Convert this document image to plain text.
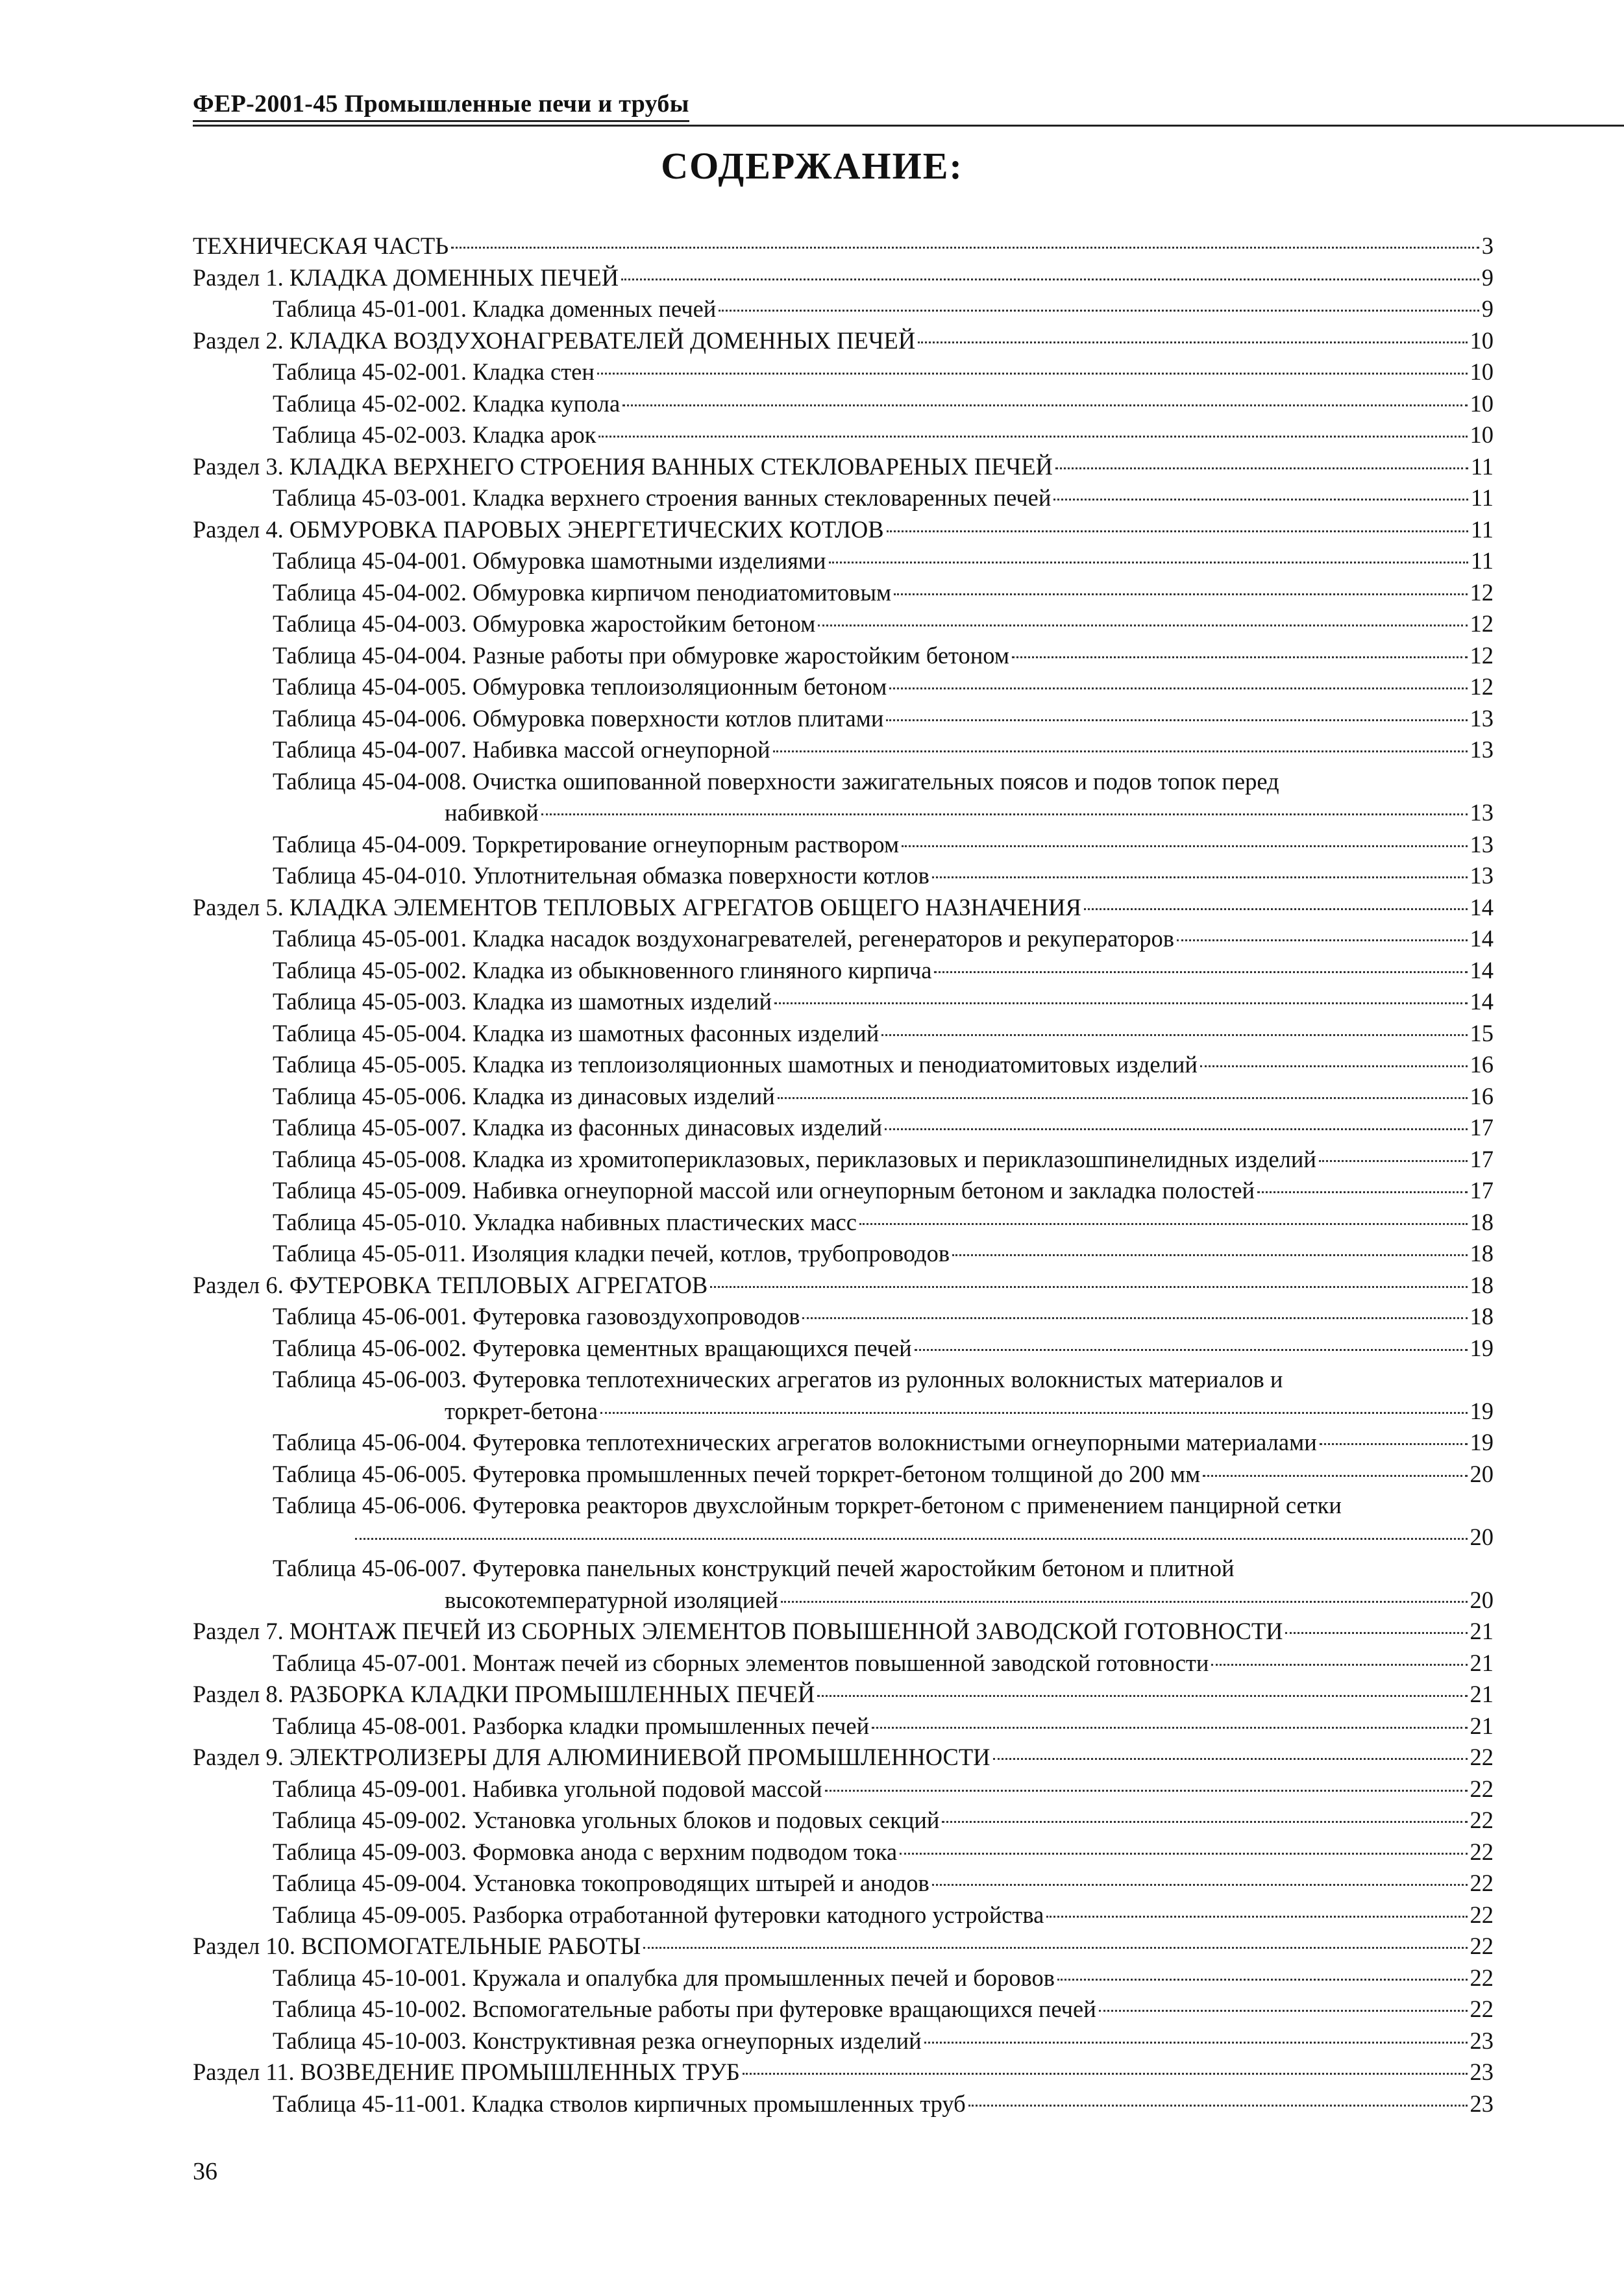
ФЕР-2001-45 Промышленные печи и трубы
СОДЕРЖАНИЕ:
ТЕХНИЧЕСКАЯ ЧАСТЬ	3
Раздел 1. КЛАДКА ДОМЕННЫХ ПЕЧЕЙ	9
Таблица 45-01-001. Кладка доменных печей	9
Раздел 2. КЛАДКА ВОЗДУХОНАГРЕВАТЕЛЕЙ ДОМЕННЫХ ПЕЧЕЙ	10
Таблица 45-02-001. Кладка стен	10
Таблица 45-02-002. Кладка купола	10
Таблица 45-02-003. Кладка арок	10
Раздел 3. КЛАДКА ВЕРХНЕГО СТРОЕНИЯ ВАННЫХ СТЕКЛОВАРЕНЫХ ПЕЧЕЙ	11
Таблица 45-03-001. Кладка верхнего строения ванных стекловаренных печей	11
Раздел 4. ОБМУРОВКА ПАРОВЫХ ЭНЕРГЕТИЧЕСКИХ КОТЛОВ	11
Таблица 45-04-001. Обмуровка шамотными изделиями	11
Таблица 45-04-002. Обмуровка кирпичом пенодиатомитовым	12
Таблица 45-04-003. Обмуровка жаростойким бетоном	12
Таблица 45-04-004. Разные работы при обмуровке жаростойким бетоном	12
Таблица 45-04-005. Обмуровка теплоизоляционным бетоном	12
Таблица 45-04-006. Обмуровка поверхности котлов плитами	13
Таблица 45-04-007. Набивка массой огнеупорной	13
Таблица 45-04-008. Очистка ошипованной поверхности зажигательных поясов и подов топок перед
набивкой	13
Таблица 45-04-009. Торкретирование огнеупорным раствором	13
Таблица 45-04-010. Уплотнительная обмазка поверхности котлов	13
Раздел 5. КЛАДКА ЭЛЕМЕНТОВ ТЕПЛОВЫХ АГРЕГАТОВ ОБЩЕГО НАЗНАЧЕНИЯ	14
Таблица 45-05-001. Кладка насадок воздухонагревателей, регенераторов и рекуператоров	14
Таблица 45-05-002. Кладка из обыкновенного глиняного кирпича	14
Таблица 45-05-003. Кладка из шамотных изделий	14
Таблица 45-05-004. Кладка из шамотных фасонных изделий	15
Таблица 45-05-005. Кладка из теплоизоляционных шамотных и пенодиатомитовых изделий	16
Таблица 45-05-006. Кладка из динасовых изделий	16
Таблица 45-05-007. Кладка из фасонных динасовых изделий	17
Таблица 45-05-008. Кладка из хромитопериклазовых, периклазовых и периклазошпинелидных изделий	17
Таблица 45-05-009. Набивка огнеупорной массой или огнеупорным бетоном и закладка полостей	17
Таблица 45-05-010. Укладка набивных пластических масс	18
Таблица 45-05-011. Изоляция кладки печей, котлов, трубопроводов	18
Раздел 6. ФУТЕРОВКА ТЕПЛОВЫХ АГРЕГАТОВ	18
Таблица 45-06-001. Футеровка газовоздухопроводов	18
Таблица 45-06-002. Футеровка цементных вращающихся печей	19
Таблица 45-06-003. Футеровка теплотехнических агрегатов из рулонных волокнистых материалов и
торкрет-бетона	19
Таблица 45-06-004. Футеровка теплотехнических агрегатов волокнистыми огнеупорными материалами	19
Таблица 45-06-005. Футеровка промышленных печей торкрет-бетоном толщиной до 200 мм	20
Таблица 45-06-006. Футеровка реакторов двухслойным торкрет-бетоном с применением панцирной сетки
20
Таблица 45-06-007. Футеровка панельных конструкций печей жаростойким бетоном и плитной
высокотемпературной изоляцией	20
Раздел 7. МОНТАЖ ПЕЧЕЙ ИЗ СБОРНЫХ ЭЛЕМЕНТОВ ПОВЫШЕННОЙ ЗАВОДСКОЙ ГОТОВНОСТИ	21
Таблица 45-07-001. Монтаж печей из сборных элементов повышенной заводской готовности	21
Раздел 8. РАЗБОРКА КЛАДКИ ПРОМЫШЛЕННЫХ ПЕЧЕЙ	21
Таблица 45-08-001. Разборка кладки промышленных печей	21
Раздел 9. ЭЛЕКТРОЛИЗЕРЫ ДЛЯ АЛЮМИНИЕВОЙ ПРОМЫШЛЕННОСТИ	22
Таблица 45-09-001. Набивка угольной подовой массой	22
Таблица 45-09-002. Установка угольных блоков и подовых секций	22
Таблица 45-09-003. Формовка анода с верхним подводом тока	22
Таблица 45-09-004. Установка токопроводящих штырей и анодов	22
Таблица 45-09-005. Разборка отработанной футеровки катодного устройства	22
Раздел 10. ВСПОМОГАТЕЛЬНЫЕ РАБОТЫ	22
Таблица 45-10-001. Кружала и опалубка для промышленных печей и боровов	22
Таблица 45-10-002. Вспомогательные работы при футеровке вращающихся печей	22
Таблица 45-10-003. Конструктивная резка огнеупорных изделий	23
Раздел 11. ВОЗВЕДЕНИЕ ПРОМЫШЛЕННЫХ ТРУБ	23
Таблица 45-11-001. Кладка стволов кирпичных промышленных труб	23
36
